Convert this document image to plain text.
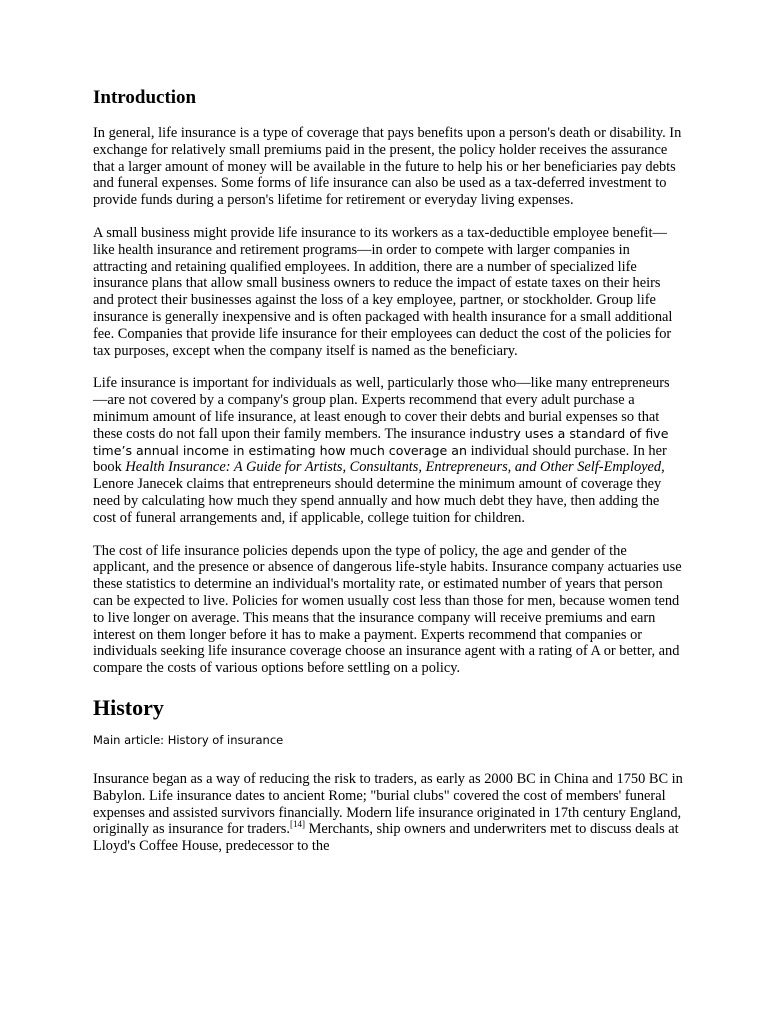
Introduction

In general, life insurance is a type of coverage that pays benefits upon a person's death or disability. In exchange for relatively small premiums paid in the present, the policy holder receives the assurance that a larger amount of money will be available in the future to help his or her beneficiaries pay debts and funeral expenses. Some forms of life insurance can also be used as a tax-deferred investment to provide funds during a person's lifetime for retirement or everyday living expenses.

A small business might provide life insurance to its workers as a tax-deductible employee benefit—like health insurance and retirement programs—in order to compete with larger companies in attracting and retaining qualified employees. In addition, there are a number of specialized life insurance plans that allow small business owners to reduce the impact of estate taxes on their heirs and protect their businesses against the loss of a key employee, partner, or stockholder. Group life insurance is generally inexpensive and is often packaged with health insurance for a small additional fee. Companies that provide life insurance for their employees can deduct the cost of the policies for tax purposes, except when the company itself is named as the beneficiary.

Life insurance is important for individuals as well, particularly those who—like many entrepreneurs—are not covered by a company's group plan. Experts recommend that every adult purchase a minimum amount of life insurance, at least enough to cover their debts and burial expenses so that these costs do not fall upon their family members. The insurance industry uses a standard of five time’s annual income in estimating how much coverage an individual should purchase. In her book Health Insurance: A Guide for Artists, Consultants, Entrepreneurs, and Other Self-Employed, Lenore Janecek claims that entrepreneurs should determine the minimum amount of coverage they need by calculating how much they spend annually and how much debt they have, then adding the cost of funeral arrangements and, if applicable, college tuition for children.

The cost of life insurance policies depends upon the type of policy, the age and gender of the applicant, and the presence or absence of dangerous life-style habits. Insurance company actuaries use these statistics to determine an individual's mortality rate, or estimated number of years that person can be expected to live. Policies for women usually cost less than those for men, because women tend to live longer on average. This means that the insurance company will receive premiums and earn interest on them longer before it has to make a payment. Experts recommend that companies or individuals seeking life insurance coverage choose an insurance agent with a rating of A or better, and compare the costs of various options before settling on a policy.

History
Main article: History of insurance

Insurance began as a way of reducing the risk to traders, as early as 2000 BC in China and 1750 BC in Babylon. Life insurance dates to ancient Rome; "burial clubs" covered the cost of members' funeral expenses and assisted survivors financially. Modern life insurance originated in 17th century England, originally as insurance for traders.[14] Merchants, ship owners and underwriters met to discuss deals at Lloyd's Coffee House, predecessor to the
